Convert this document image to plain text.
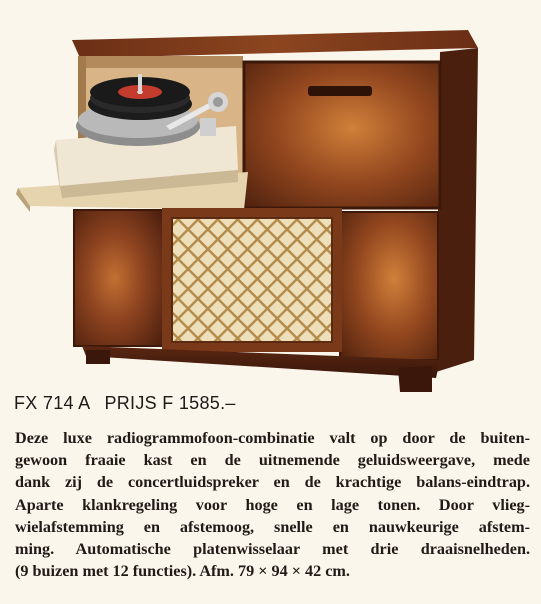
FX 714 A PRIJS F 1585.–
Deze luxe radiogrammofoon-combinatie valt op door de buiten-
gewoon fraaie kast en de uitnemende geluidsweergave, mede
dank zij de concertluidspreker en de krachtige balans-eindtrap.
Aparte klankregeling voor hoge en lage tonen. Door vlieg-
wielafstemming en afstemoog, snelle en nauwkeurige afstem-
ming. Automatische platenwisselaar met drie draaisnelheden.
(9 buizen met 12 functies). Afm. 79 × 94 × 42 cm.
